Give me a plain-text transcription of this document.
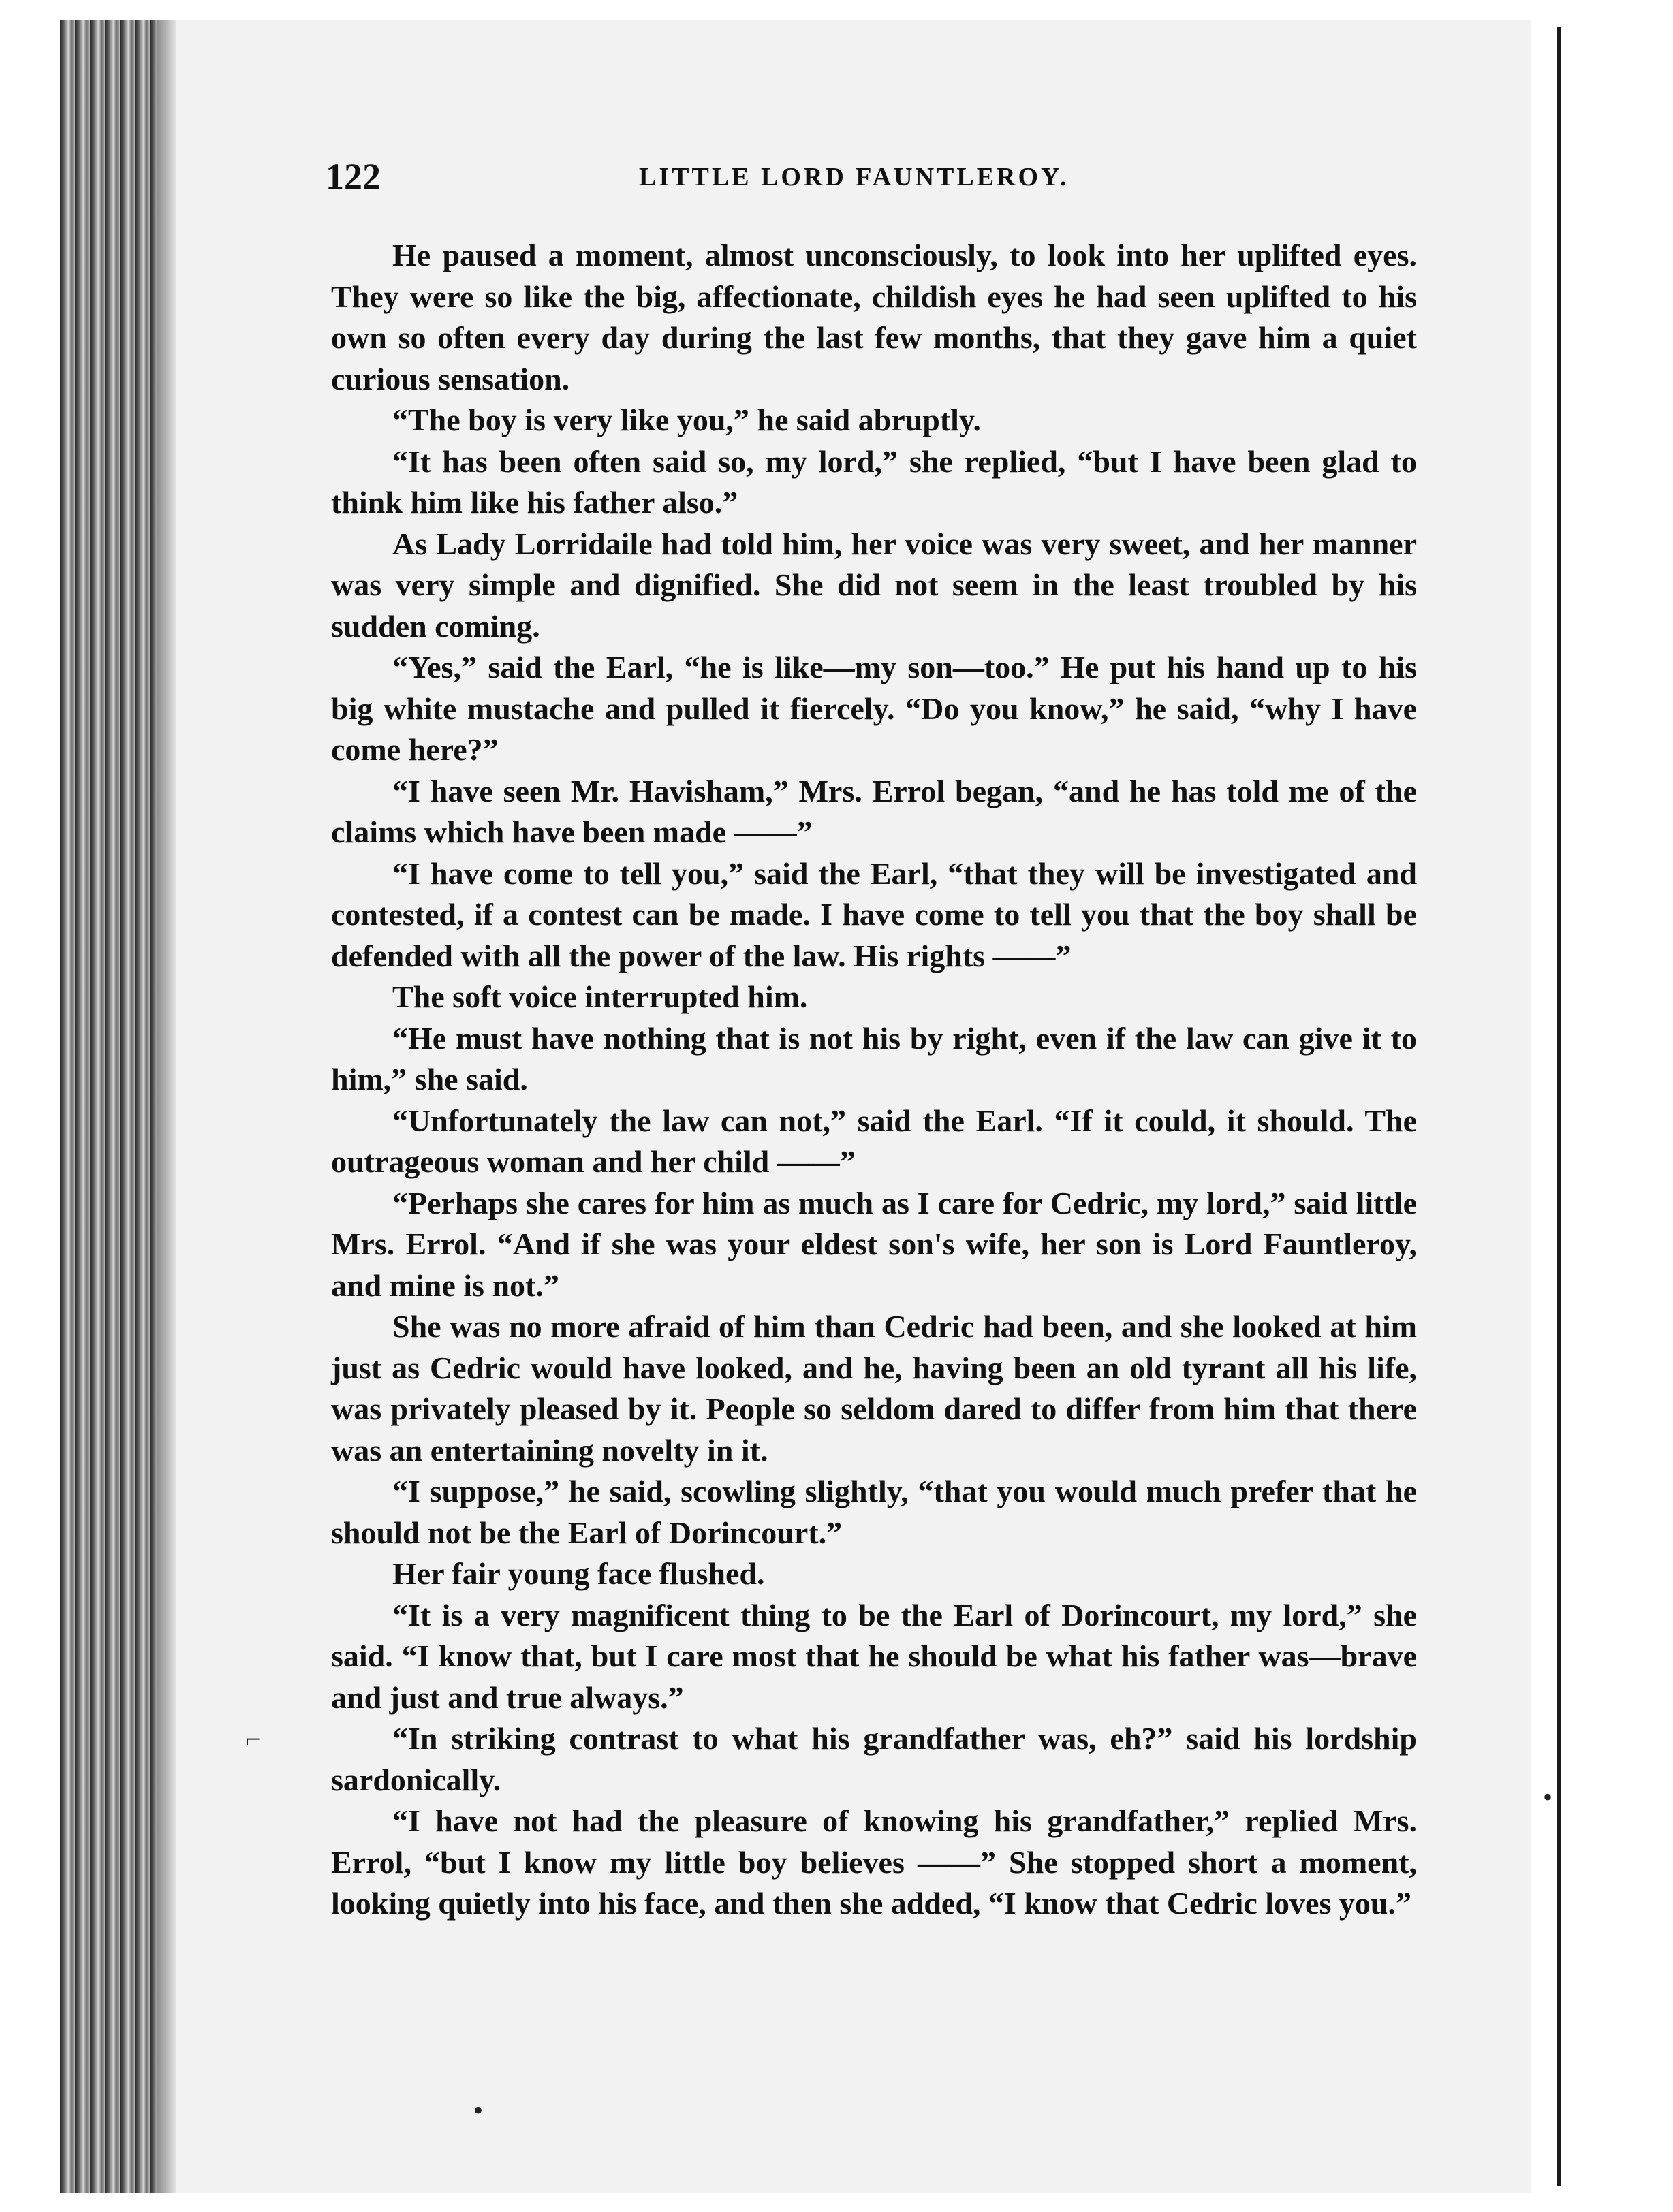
122	LITTLE LORD FAUNTLEROY.

He paused a moment, almost unconsciously, to look into her uplifted eyes. They were so like the big, affectionate, childish eyes he had seen uplifted to his own so often every day during the last few months, that they gave him a quiet curious sensation.

“The boy is very like you,” he said abruptly.

“It has been often said so, my lord,” she replied, “but I have been glad to think him like his father also.”

As Lady Lorridaile had told him, her voice was very sweet, and her manner was very simple and dignified. She did not seem in the least troubled by his sudden coming.

“Yes,” said the Earl, “he is like—my son—too.” He put his hand up to his big white mustache and pulled it fiercely. “Do you know,” he said, “why I have come here?”

“I have seen Mr. Havisham,” Mrs. Errol began, “and he has told me of the claims which have been made ——”

“I have come to tell you,” said the Earl, “that they will be investigated and contested, if a contest can be made. I have come to tell you that the boy shall be defended with all the power of the law. His rights ——”

The soft voice interrupted him.

“He must have nothing that is not his by right, even if the law can give it to him,” she said.

“Unfortunately the law can not,” said the Earl. “If it could, it should. The outrageous woman and her child ——”

“Perhaps she cares for him as much as I care for Cedric, my lord,” said little Mrs. Errol. “And if she was your eldest son's wife, her son is Lord Fauntleroy, and mine is not.”

She was no more afraid of him than Cedric had been, and she looked at him just as Cedric would have looked, and he, having been an old tyrant all his life, was privately pleased by it. People so seldom dared to differ from him that there was an entertaining novelty in it.

“I suppose,” he said, scowling slightly, “that you would much prefer that he should not be the Earl of Dorincourt.”

Her fair young face flushed.

“It is a very magnificent thing to be the Earl of Dorincourt, my lord,” she said. “I know that, but I care most that he should be what his father was—brave and just and true always.”

“In striking contrast to what his grandfather was, eh?” said his lordship sardonically.

“I have not had the pleasure of knowing his grandfather,” replied Mrs. Errol, “but I know my little boy believes ——” She stopped short a moment, looking quietly into his face, and then she added, “I know that Cedric loves you.”

⌐
•
•
